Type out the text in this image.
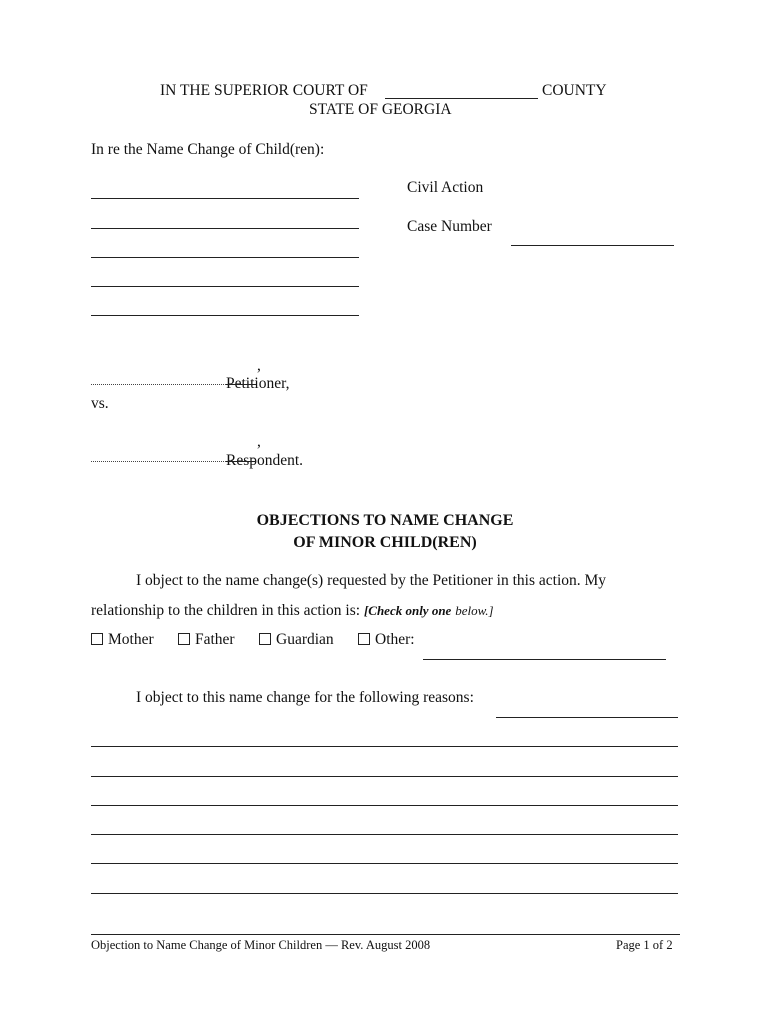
IN THE SUPERIOR COURT OF	COUNTY
STATE OF GEORGIA
In re the Name Change of Child(ren):
Civil Action
Case Number
,
Petitioner,
vs.
,
Respondent.
OBJECTIONS TO NAME CHANGE
OF MINOR CHILD(REN)
I object to the name change(s) requested by the Petitioner in this action. My
relationship to the children in this action is: [Check only one below.]
Mother	Father	Guardian	Other:
I object to this name change for the following reasons:
Objection to Name Change of Minor Children — Rev. August 2008	Page 1 of 2
